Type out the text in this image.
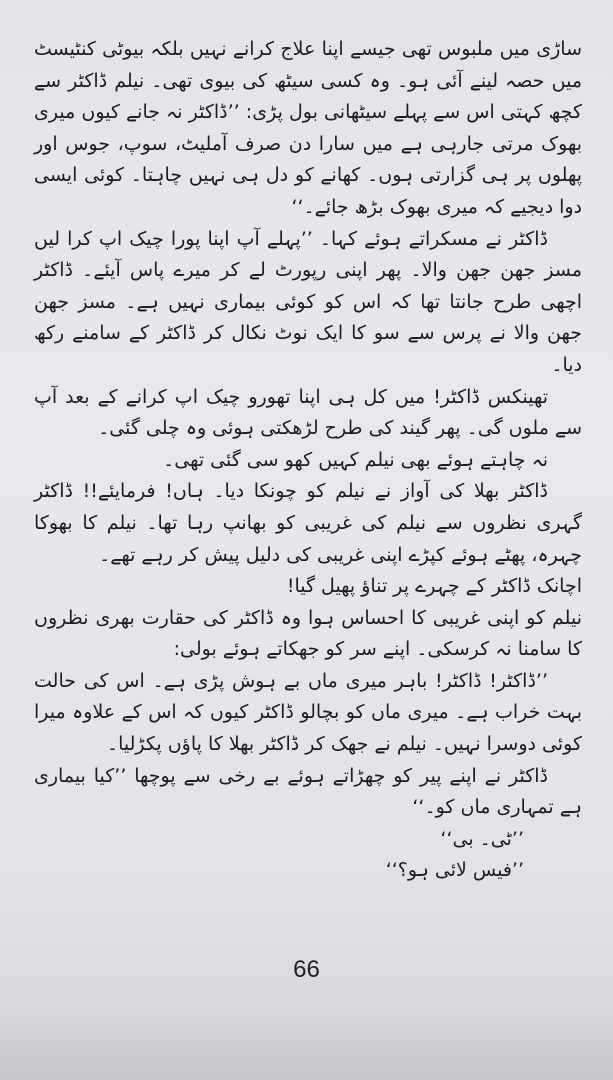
ساڑی میں ملبوس تھی جیسے اپنا علاج کرانے نہیں بلکہ بیوٹی کنٹیسٹ میں حصہ لینے آئی ہو۔ وہ کسی سیٹھ کی بیوی تھی۔ نیلم ڈاکٹر سے کچھ کہتی اس سے پہلے سیٹھانی بول پڑی: ’’ڈاکٹر نہ جانے کیوں میری بھوک مرتی جارہی ہے میں سارا دن صرف آملیٹ، سوپ، جوس اور پھلوں پر ہی گزارتی ہوں۔ کھانے کو دل ہی نہیں چاہتا۔ کوئی ایسی دوا دیجیے کہ میری بھوک بڑھ جائے۔‘‘

ڈاکٹر نے مسکراتے ہوئے کہا۔ ’’پہلے آپ اپنا پورا چیک اپ کرا لیں مسز جھن جھن والا۔ پھر اپنی رپورٹ لے کر میرے پاس آیئے۔ ڈاکٹر اچھی طرح جانتا تھا کہ اس کو کوئی بیماری نہیں ہے۔ مسز جھن جھن والا نے پرس سے سو کا ایک نوٹ نکال کر ڈاکٹر کے سامنے رکھ دیا۔

تھینکس ڈاکٹر! میں کل ہی اپنا تھورو چیک اپ کرانے کے بعد آپ سے ملوں گی۔ پھر گیند کی طرح لڑھکتی ہوئی وہ چلی گئی۔

نہ چاہتے ہوئے بھی نیلم کہیں کھو سی گئی تھی۔

ڈاکٹر بھلا کی آواز نے نیلم کو چونکا دیا۔ ہاں! فرمایئے!! ڈاکٹر گہری نظروں سے نیلم کی غریبی کو بھانپ رہا تھا۔ نیلم کا بھوکا چہرہ، پھٹے ہوئے کپڑے اپنی غریبی کی دلیل پیش کر رہے تھے۔

اچانک ڈاکٹر کے چہرے پر تناؤ پھیل گیا!

نیلم کو اپنی غریبی کا احساس ہوا وہ ڈاکٹر کی حقارت بھری نظروں کا سامنا نہ کرسکی۔ اپنے سر کو جھکاتے ہوئے بولی:

’’ڈاکٹر! ڈاکٹر! باہر میری ماں بے ہوش پڑی ہے۔ اس کی حالت بہت خراب ہے۔ میری ماں کو بچالو ڈاکٹر کیوں کہ اس کے علاوہ میرا کوئی دوسرا نہیں۔ نیلم نے جھک کر ڈاکٹر بھلا کا پاؤں پکڑلیا۔

ڈاکٹر نے اپنے پیر کو چھڑاتے ہوئے بے رخی سے پوچھا ’’کیا بیماری ہے تمہاری ماں کو۔‘‘

’’ٹی۔ بی‘‘

’’فیس لائی ہو؟‘‘

66
